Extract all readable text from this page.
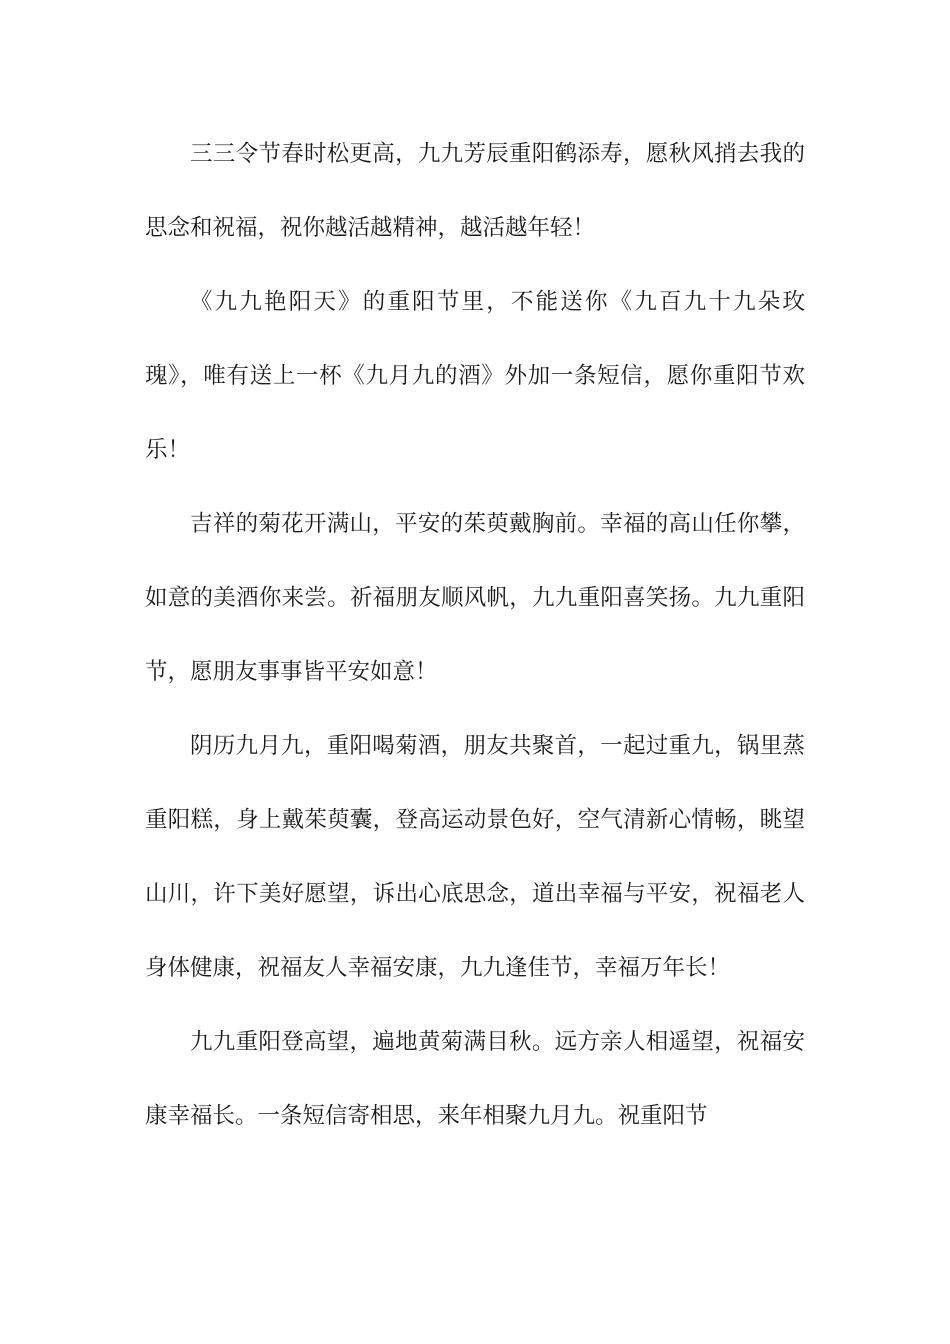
三三令节春时松更高，九九芳辰重阳鹤添寿，愿秋风捎去我的思念和祝福，祝你越活越精神，越活越年轻！

《九九艳阳天》的重阳节里，不能送你《九百九十九朵玫瑰》，唯有送上一杯《九月九的酒》外加一条短信，愿你重阳节欢乐！

吉祥的菊花开满山，平安的茱萸戴胸前。幸福的高山任你攀，如意的美酒你来尝。祈福朋友顺风帆，九九重阳喜笑扬。九九重阳节，愿朋友事事皆平安如意！

阴历九月九，重阳喝菊酒，朋友共聚首，一起过重九，锅里蒸重阳糕，身上戴茱萸囊，登高运动景色好，空气清新心情畅，眺望山川，许下美好愿望，诉出心底思念，道出幸福与平安，祝福老人身体健康，祝福友人幸福安康，九九逢佳节，幸福万年长！

九九重阳登高望，遍地黄菊满目秋。远方亲人相遥望，祝福安康幸福长。一条短信寄相思，来年相聚九月九。祝重阳节
